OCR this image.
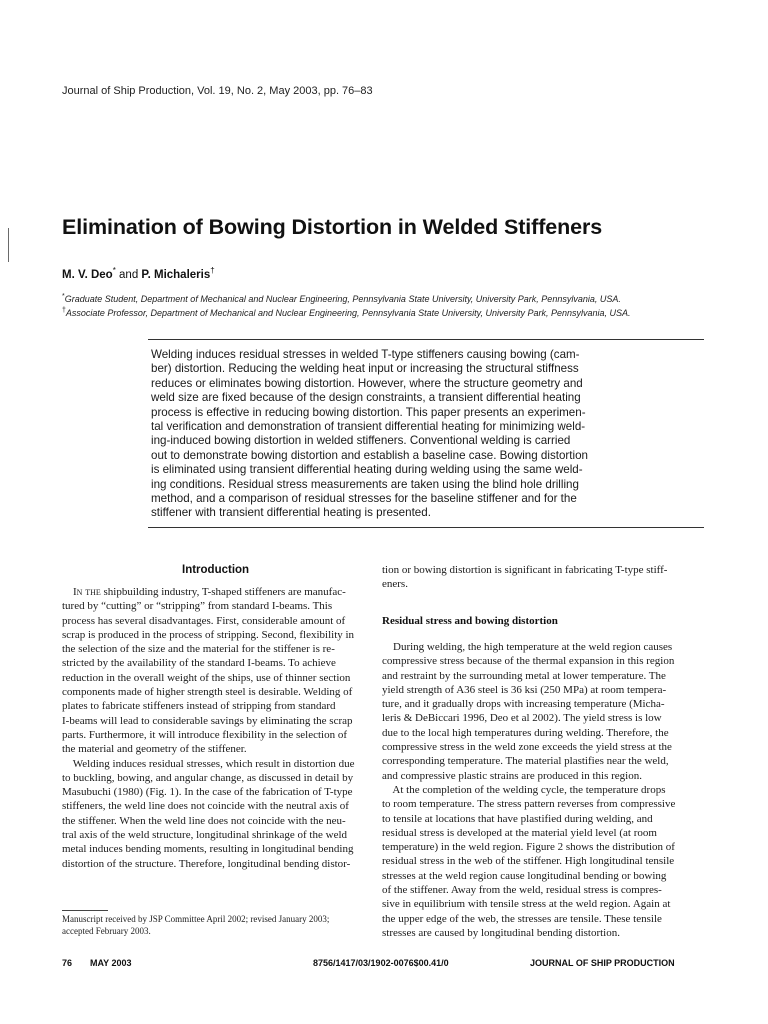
Journal of Ship Production, Vol. 19, No. 2, May 2003, pp. 76–83
Elimination of Bowing Distortion in Welded Stiffeners
M. V. Deo* and P. Michaleris†
*Graduate Student, Department of Mechanical and Nuclear Engineering, Pennsylvania State University, University Park, Pennsylvania, USA.
†Associate Professor, Department of Mechanical and Nuclear Engineering, Pennsylvania State University, University Park, Pennsylvania, USA.
Welding induces residual stresses in welded T-type stiffeners causing bowing (cam-
ber) distortion. Reducing the welding heat input or increasing the structural stiffness
reduces or eliminates bowing distortion. However, where the structure geometry and
weld size are fixed because of the design constraints, a transient differential heating
process is effective in reducing bowing distortion. This paper presents an experimen-
tal verification and demonstration of transient differential heating for minimizing weld-
ing-induced bowing distortion in welded stiffeners. Conventional welding is carried
out to demonstrate bowing distortion and establish a baseline case. Bowing distortion
is eliminated using transient differential heating during welding using the same weld-
ing conditions. Residual stress measurements are taken using the blind hole drilling
method, and a comparison of residual stresses for the baseline stiffener and for the
stiffener with transient differential heating is presented.
Introduction
In the shipbuilding industry, T-shaped stiffeners are manufac-
tured by “cutting” or “stripping” from standard I-beams. This
process has several disadvantages. First, considerable amount of
scrap is produced in the process of stripping. Second, flexibility in
the selection of the size and the material for the stiffener is re-
stricted by the availability of the standard I-beams. To achieve
reduction in the overall weight of the ships, use of thinner section
components made of higher strength steel is desirable. Welding of
plates to fabricate stiffeners instead of stripping from standard
I-beams will lead to considerable savings by eliminating the scrap
parts. Furthermore, it will introduce flexibility in the selection of
the material and geometry of the stiffener.
Welding induces residual stresses, which result in distortion due
to buckling, bowing, and angular change, as discussed in detail by
Masubuchi (1980) (Fig. 1). In the case of the fabrication of T-type
stiffeners, the weld line does not coincide with the neutral axis of
the stiffener. When the weld line does not coincide with the neu-
tral axis of the weld structure, longitudinal shrinkage of the weld
metal induces bending moments, resulting in longitudinal bending
distortion of the structure. Therefore, longitudinal bending distor-
tion or bowing distortion is significant in fabricating T-type stiff-
eners.
Residual stress and bowing distortion
During welding, the high temperature at the weld region causes
compressive stress because of the thermal expansion in this region
and restraint by the surrounding metal at lower temperature. The
yield strength of A36 steel is 36 ksi (250 MPa) at room tempera-
ture, and it gradually drops with increasing temperature (Micha-
leris & DeBiccari 1996, Deo et al 2002). The yield stress is low
due to the local high temperatures during welding. Therefore, the
compressive stress in the weld zone exceeds the yield stress at the
corresponding temperature. The material plastifies near the weld,
and compressive plastic strains are produced in this region.
At the completion of the welding cycle, the temperature drops
to room temperature. The stress pattern reverses from compressive
to tensile at locations that have plastified during welding, and
residual stress is developed at the material yield level (at room
temperature) in the weld region. Figure 2 shows the distribution of
residual stress in the web of the stiffener. High longitudinal tensile
stresses at the weld region cause longitudinal bending or bowing
of the stiffener. Away from the weld, residual stress is compres-
sive in equilibrium with tensile stress at the weld region. Again at
the upper edge of the web, the stresses are tensile. These tensile
stresses are caused by longitudinal bending distortion.
Manuscript received by JSP Committee April 2002; revised January 2003;
accepted February 2003.
76 MAY 2003	8756/1417/03/1902-0076$00.41/0	JOURNAL OF SHIP PRODUCTION
